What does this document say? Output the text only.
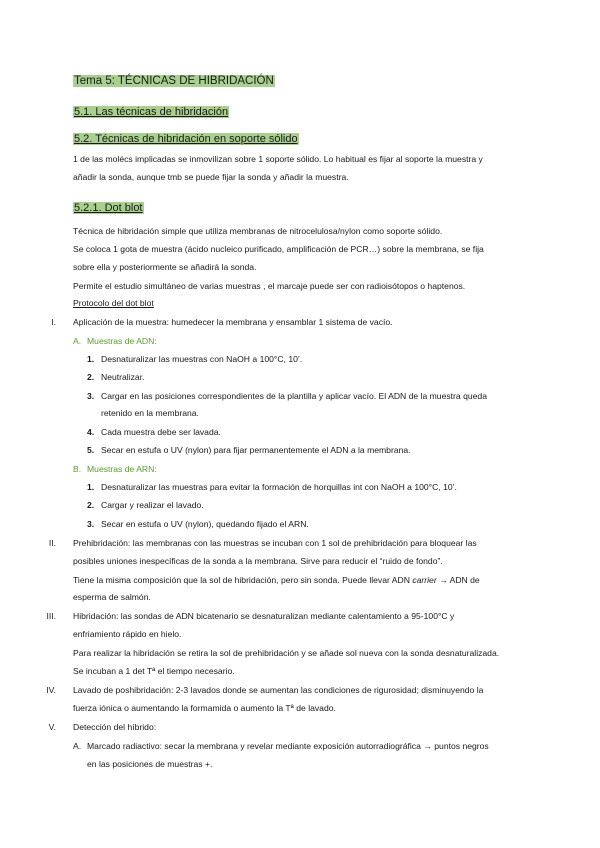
Tema 5: TÉCNICAS DE HIBRIDACIÓN
5.1. Las técnicas de hibridación
5.2. Técnicas de hibridación en soporte sólido
1 de las molécs implicadas se inmovilizan sobre 1 soporte sólido. Lo habitual es fijar al soporte la muestra y
añadir la sonda, aunque tmb se puede fijar la sonda y añadir la muestra.
5.2.1. Dot blot
Técnica de hibridación simple que utiliza membranas de nitrocelulosa/nylon como soporte sólido.
Se coloca 1 gota de muestra (ácido nucleico purificado, amplificación de PCR…) sobre la membrana, se fija
sobre ella y posteriormente se añadirá la sonda.
Permite el estudio simultáneo de varias muestras , el marcaje puede ser con radioisótopos o haptenos.
Protocolo del dot blot
I. Aplicación de la muestra: humedecer la membrana y ensamblar 1 sistema de vacío.
A. Muestras de ADN:
1. Desnaturalizar las muestras con NaOH a 100°C, 10’.
2. Neutralizar.
3. Cargar en las posiciones correspondientes de la plantilla y aplicar vacío. El ADN de la muestra queda
retenido en la membrana.
4. Cada muestra debe ser lavada.
5. Secar en estufa o UV (nylon) para fijar permanentemente el ADN a la membrana.
B. Muestras de ARN:
1. Desnaturalizar las muestras para evitar la formación de horquillas int con NaOH a 100°C, 10’.
2. Cargar y realizar el lavado.
3. Secar en estufa o UV (nylon), quedando fijado el ARN.
II. Prehibridación: las membranas con las muestras se incuban con 1 sol de prehibridación para bloquear las
posibles uniones inespecíficas de la sonda a la membrana. Sirve para reducir el “ruido de fondo”.
Tiene la misma composición que la sol de hibridación, pero sin sonda. Puede llevar ADN carrier → ADN de
esperma de salmón.
III. Hibridación: las sondas de ADN bicatenario se desnaturalizan mediante calentamiento a 95-100°C y
enfriamiento rápido en hielo.
Para realizar la hibridación se retira la sol de prehibridación y se añade sol nueva con la sonda desnaturalizada.
Se incuban a 1 det Tª el tiempo necesario.
IV. Lavado de poshibridación: 2-3 lavados donde se aumentan las condiciones de rigurosidad; disminuyendo la
fuerza iónica o aumentando la formamida o aumento la Tª de lavado.
V. Detección del híbrido:
A. Marcado radiactivo: secar la membrana y revelar mediante exposición autorradiográfica → puntos negros
en las posiciones de muestras +.
